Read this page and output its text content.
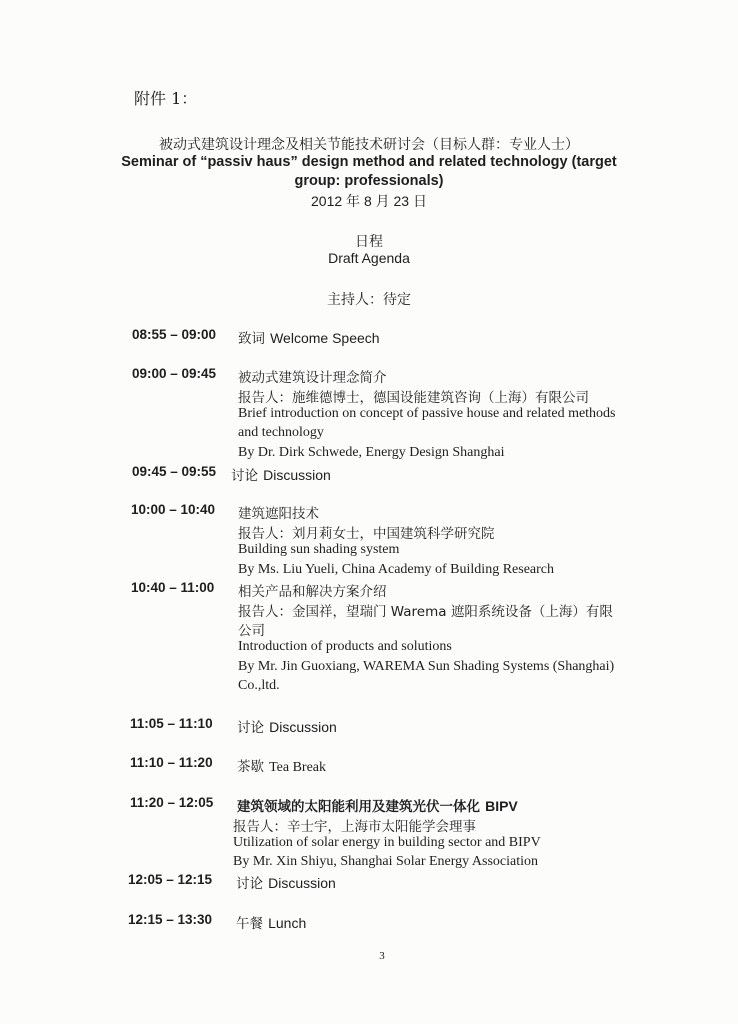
附件 1：
被动式建筑设计理念及相关节能技术研讨会（目标人群：专业人士）
Seminar of “passiv haus” design method and related technology (target
group: professionals)
2012 年 8 月 23 日
日程
Draft Agenda
主持人：待定
08:55 – 09:00 致词 Welcome Speech
09:00 – 09:45 被动式建筑设计理念简介
报告人：施维德博士，德国设能建筑咨询（上海）有限公司
Brief introduction on concept of passive house and related methods
and technology
By Dr. Dirk Schwede, Energy Design Shanghai
09:45 – 09:55 讨论 Discussion
10:00 – 10:40 建筑遮阳技术
报告人：刘月莉女士，中国建筑科学研究院
Building sun shading system
By Ms. Liu Yueli, China Academy of Building Research
10:40 – 11:00 相关产品和解决方案介绍
报告人：金国祥，望瑞门 Warema 遮阳系统设备（上海）有限
公司
Introduction of products and solutions
By Mr. Jin Guoxiang, WAREMA Sun Shading Systems (Shanghai)
Co.,ltd.
11:05 – 11:10 讨论 Discussion
11:10 – 11:20 茶歇 Tea Break
11:20 – 12:05 建筑领域的太阳能利用及建筑光伏一体化 BIPV
报告人：辛士宇，上海市太阳能学会理事
Utilization of solar energy in building sector and BIPV
By Mr. Xin Shiyu, Shanghai Solar Energy Association
12:05 – 12:15 讨论 Discussion
12:15 – 13:30 午餐 Lunch
3
